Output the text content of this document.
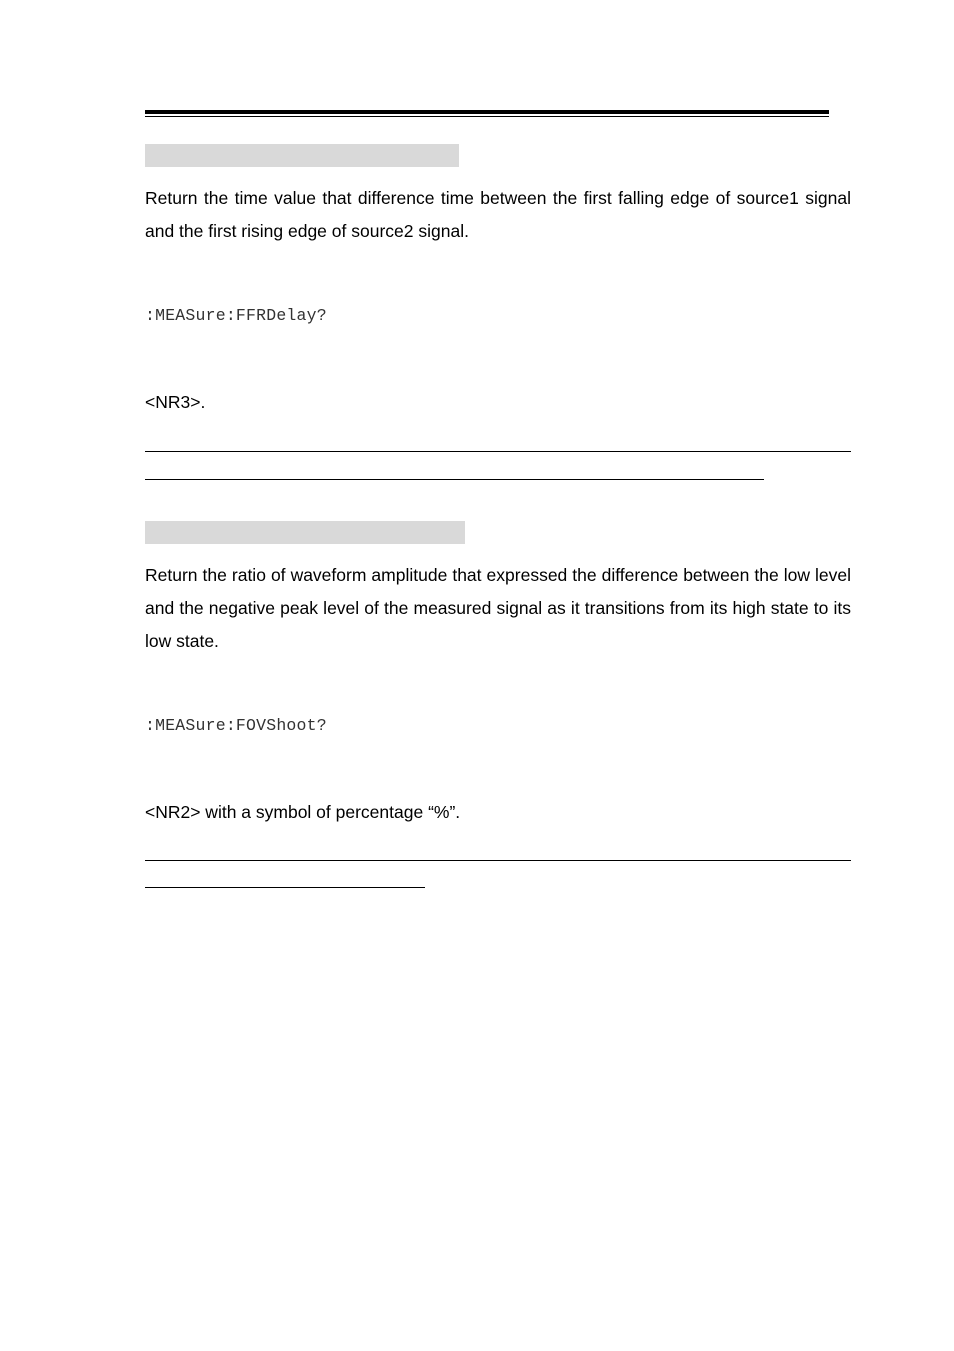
Return the time value that difference time between the first falling edge of source1 signal and the first rising edge of source2 signal.

:MEASure:FFRDelay?

<NR3>.

Return the ratio of waveform amplitude that expressed the difference between the low level and the negative peak level of the measured signal as it transitions from its high state to its low state.

:MEASure:FOVShoot?

<NR2> with a symbol of percentage “%”.
